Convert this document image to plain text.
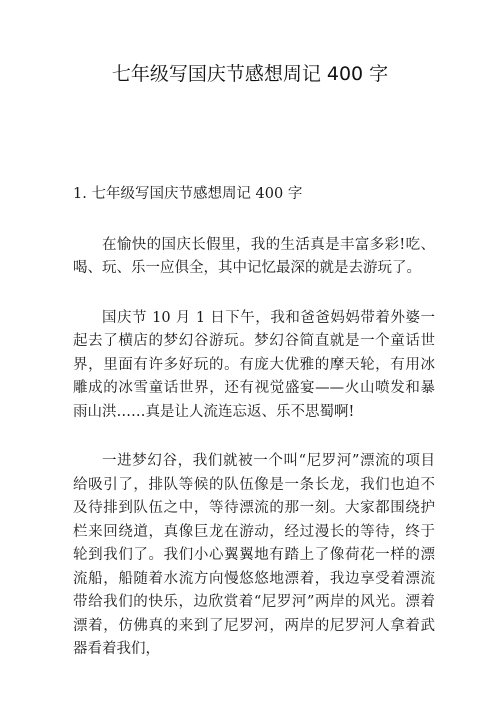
七年级写国庆节感想周记 400 字
1. 七年级写国庆节感想周记 400 字

在愉快的国庆长假里，我的生活真是丰富多彩!吃、喝、玩、乐一应俱全，其中记忆最深的就是去游玩了。

国庆节 10 月 1 日下午，我和爸爸妈妈带着外婆一起去了横店的梦幻谷游玩。梦幻谷简直就是一个童话世界，里面有许多好玩的。有庞大优雅的摩天轮，有用冰雕成的冰雪童话世界，还有视觉盛宴——火山喷发和暴雨山洪……真是让人流连忘返、乐不思蜀啊!

一进梦幻谷，我们就被一个叫“尼罗河”漂流的项目给吸引了，排队等候的队伍像是一条长龙，我们也迫不及待排到队伍之中，等待漂流的那一刻。大家都围绕护栏来回绕道，真像巨龙在游动，经过漫长的等待，终于轮到我们了。我们小心翼翼地有踏上了像荷花一样的漂流船，船随着水流方向慢悠悠地漂着，我边享受着漂流带给我们的快乐，边欣赏着“尼罗河”两岸的风光。漂着漂着，仿佛真的来到了尼罗河，两岸的尼罗河人拿着武器看着我们，
